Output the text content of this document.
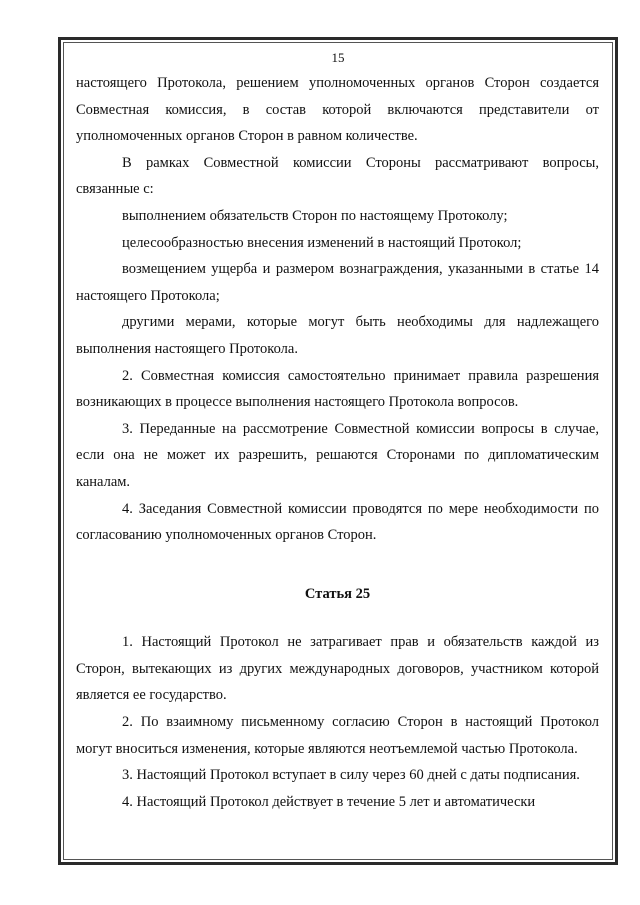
15

настоящего Протокола, решением уполномоченных органов Сторон создается Совместная комиссия, в состав которой включаются представители от уполномоченных органов Сторон в равном количестве.

В рамках Совместной комиссии Стороны рассматривают вопросы, связанные с:

выполнением обязательств Сторон по настоящему Протоколу;

целесообразностью внесения изменений в настоящий Протокол;

возмещением ущерба и размером вознаграждения, указанными в статье 14 настоящего Протокола;

другими мерами, которые могут быть необходимы для надлежащего выполнения настоящего Протокола.

2. Совместная комиссия самостоятельно принимает правила разрешения возникающих в процессе выполнения настоящего Протокола вопросов.

3. Переданные на рассмотрение Совместной комиссии вопросы в случае, если она не может их разрешить, решаются Сторонами по дипломатическим каналам.

4. Заседания Совместной комиссии проводятся по мере необходимости по согласованию уполномоченных органов Сторон.

Статья 25

1. Настоящий Протокол не затрагивает прав и обязательств каждой из Сторон, вытекающих из других международных договоров, участником которой является ее государство.

2. По взаимному письменному согласию Сторон в настоящий Протокол могут вноситься изменения, которые являются неотъемлемой частью Протокола.

3. Настоящий Протокол вступает в силу через 60 дней с даты подписания.

4. Настоящий Протокол действует в течение 5 лет и автоматически
